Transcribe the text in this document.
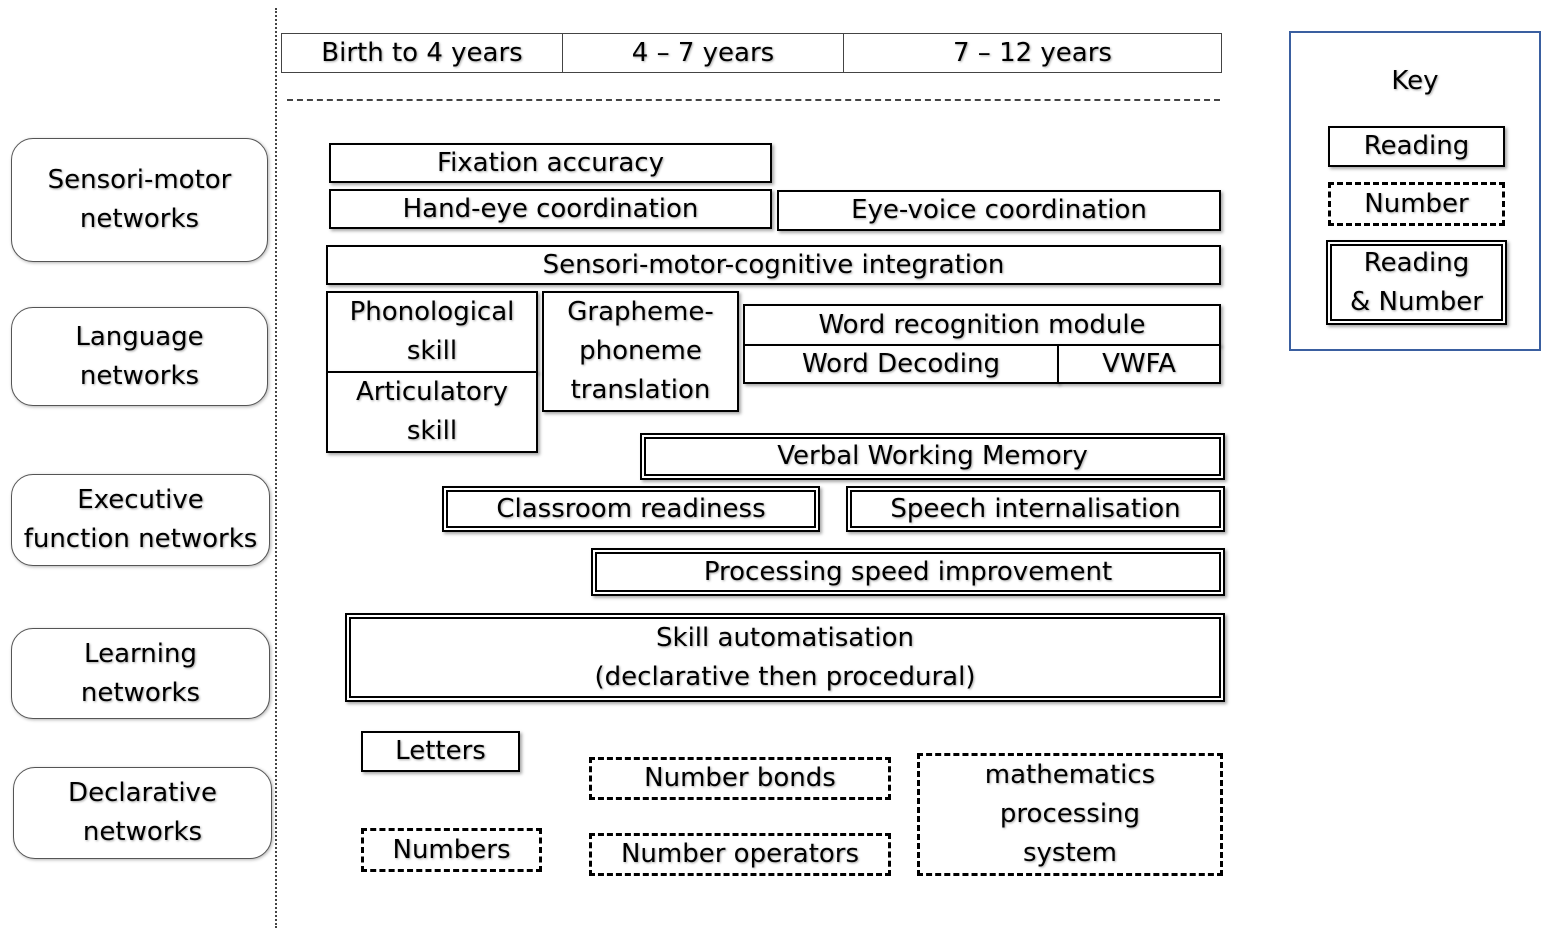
Birth to 4 years	4 – 7 years	7 – 12 years
Sensori-motor
networks
Language
networks
Executive
function networks
Learning
networks
Declarative
networks
Fixation accuracy
Hand-eye coordination	Eye-voice coordination
Sensori-motor-cognitive integration
Phonological
skill
Articulatory
skill
Grapheme-
phoneme
translation
Word recognition module
Word Decoding	VWFA
Verbal Working Memory
Classroom readiness	Speech internalisation
Processing speed improvement
Skill automatisation
(declarative then procedural)
Letters
Numbers
Number bonds
Number operators
mathematics
processing
system
Key
Reading
Number
Reading
& Number
